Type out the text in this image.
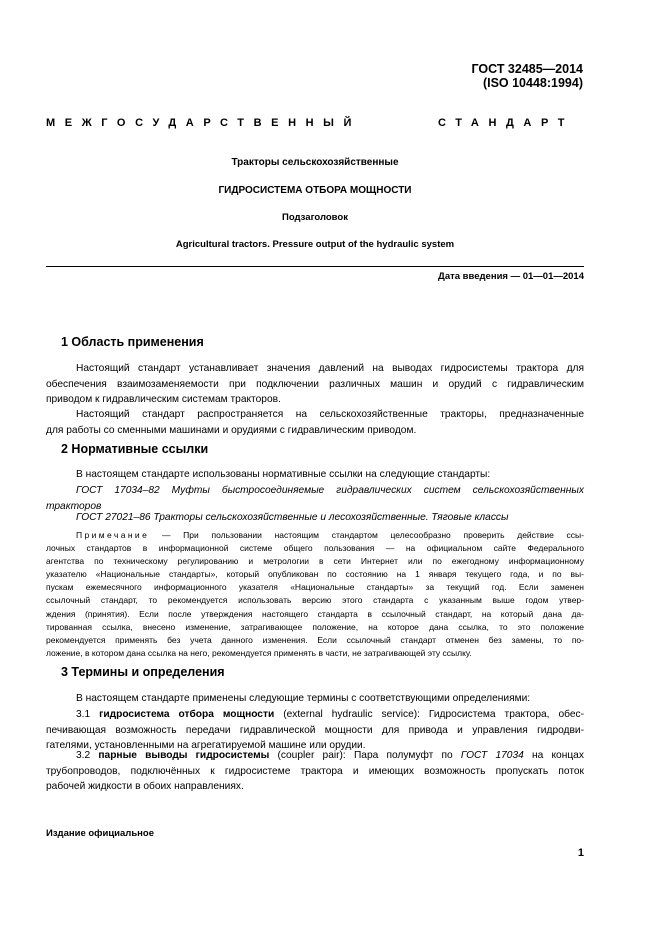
ГОСТ 32485—2014
(ISO 10448:1994)
МЕЖГОСУДАРСТВЕННЫЙ	СТАНДАРТ
Тракторы сельскохозяйственные
ГИДРОСИСТЕМА ОТБОРА МОЩНОСТИ
Подзаголовок
Agricultural tractors. Pressure output of the hydraulic system
Дата введения — 01—01—2014
1 Область применения
Настоящий стандарт устанавливает значения давлений на выводах гидросистемы трактора для
обеспечения взаимозаменяемости при подключении различных машин и орудий с гидравлическим
приводом к гидравлическим системам тракторов.
Настоящий стандарт распространяется на сельскохозяйственные тракторы, предназначенные
для работы со сменными машинами и орудиями с гидравлическим приводом.
2 Нормативные ссылки
В настоящем стандарте использованы нормативные ссылки на следующие стандарты:
ГОСТ 17034–82 Муфты быстросоединяемые гидравлических систем сельскохозяйственных
тракторов
ГОСТ 27021–86 Тракторы сельскохозяйственные и лесохозяйственные. Тяговые классы
Примечание — При пользовании настоящим стандартом целесообразно проверить действие ссы-
лочных стандартов в информационной системе общего пользования — на официальном сайте Федерального
агентства по техническому регулированию и метрологии в сети Интернет или по ежегодному информационному
указателю «Национальные стандарты», который опубликован по состоянию на 1 января текущего года, и по вы-
пускам ежемесячного информационного указателя «Национальные стандарты» за текущий год. Если заменен
ссылочный стандарт, то рекомендуется использовать версию этого стандарта с указанным выше годом утвер-
ждения (принятия). Если после утверждения настоящего стандарта в ссылочный стандарт, на который дана да-
тированная ссылка, внесено изменение, затрагивающее положение, на которое дана ссылка, то это положение
рекомендуется применять без учета данного изменения. Если ссылочный стандарт отменен без замены, то по-
ложение, в котором дана ссылка на него, рекомендуется применять в части, не затрагивающей эту ссылку.
3 Термины и определения
В настоящем стандарте применены следующие термины с соответствующими определениями:
3.1 гидросистема отбора мощности (external hydraulic service): Гидросистема трактора, обес-
печивающая возможность передачи гидравлической мощности для привода и управления гидродви-
гателями, установленными на агрегатируемой машине или орудии.
3.2 парные выводы гидросистемы (coupler pair): Пара полумуфт по ГОСТ 17034 на концах
трубопроводов, подключённых к гидросистеме трактора и имеющих возможность пропускать поток
рабочей жидкости в обоих направлениях.
Издание официальное
1
